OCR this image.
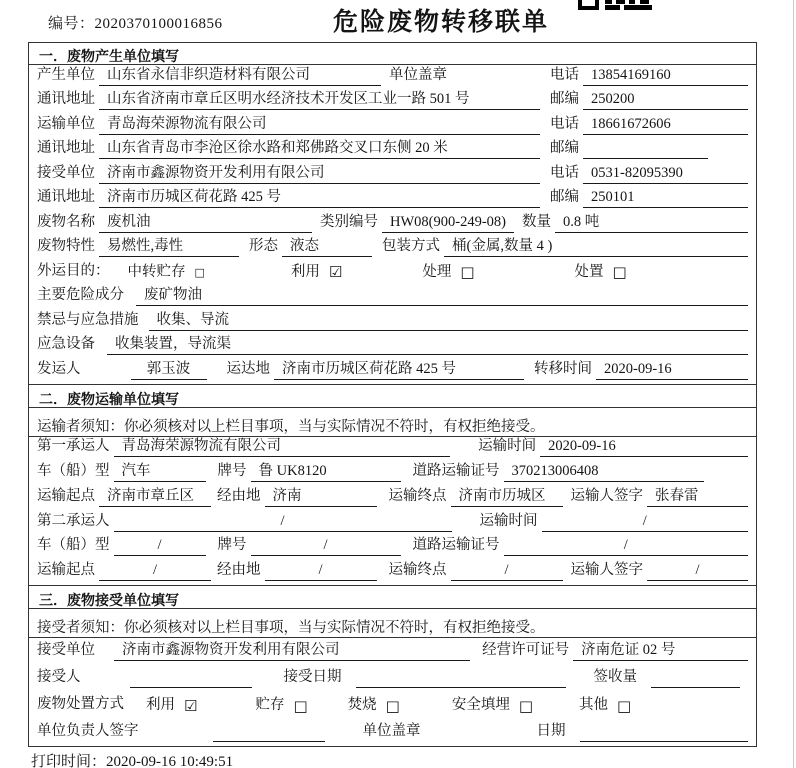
编号：2020370100016856	危险废物转移联单
一．废物产生单位填写
产生单位 山东省永信非织造材料有限公司	单位盖章	电话 13854169160
通讯地址 山东省济南市章丘区明水经济技术开发区工业一路 501 号	邮编 250200
运输单位 青岛海荣源物流有限公司	电话 18661672606
通讯地址 山东省青岛市李沧区徐水路和郑佛路交叉口东侧 20 米	邮编
接受单位 济南市鑫源物资开发利用有限公司	电话 0531-82095390
通讯地址 济南市历城区荷花路 425 号	邮编 250101
废物名称 废机油	类别编号 HW08(900-249-08)	数量 0.8 吨
废物特性 易燃性,毒性	形态 液态	包装方式 桶(金属,数量 4 )
外运目的： 中转贮存 □	利用 ☑	处理 □	处置 □
主要危险成分	废矿物油
禁忌与应急措施	收集、导流
应急设备	收集装置，导流渠
发运人	郭玉波	运达地 济南市历城区荷花路 425 号	转移时间 2020-09-16
二．废物运输单位填写
运输者须知：你必须核对以上栏目事项，当与实际情况不符时，有权拒绝接受。
第一承运人 青岛海荣源物流有限公司	运输时间 2020-09-16
车（船）型 汽车	牌号 鲁 UK8120	道路运输证号 370213006408
运输起点 济南市章丘区	经由地 济南	运输终点 济南市历城区	运输人签字 张春雷
第二承运人	/	运输时间	/
车（船）型	/	牌号	/	道路运输证号	/
运输起点	/	经由地	/	运输终点	/	运输人签字	/
三．废物接受单位填写
接受者须知：你必须核对以上栏目事项，当与实际情况不符时，有权拒绝接受。
接受单位	济南市鑫源物资开发利用有限公司	经营许可证号 济南危证 02 号
接受人	接受日期	签收量
废物处置方式 利用 ☑	贮存 □	焚烧 □	安全填埋 □	其他 □
单位负责人签字	单位盖章	日期
打印时间：2020-09-16 10:49:51
